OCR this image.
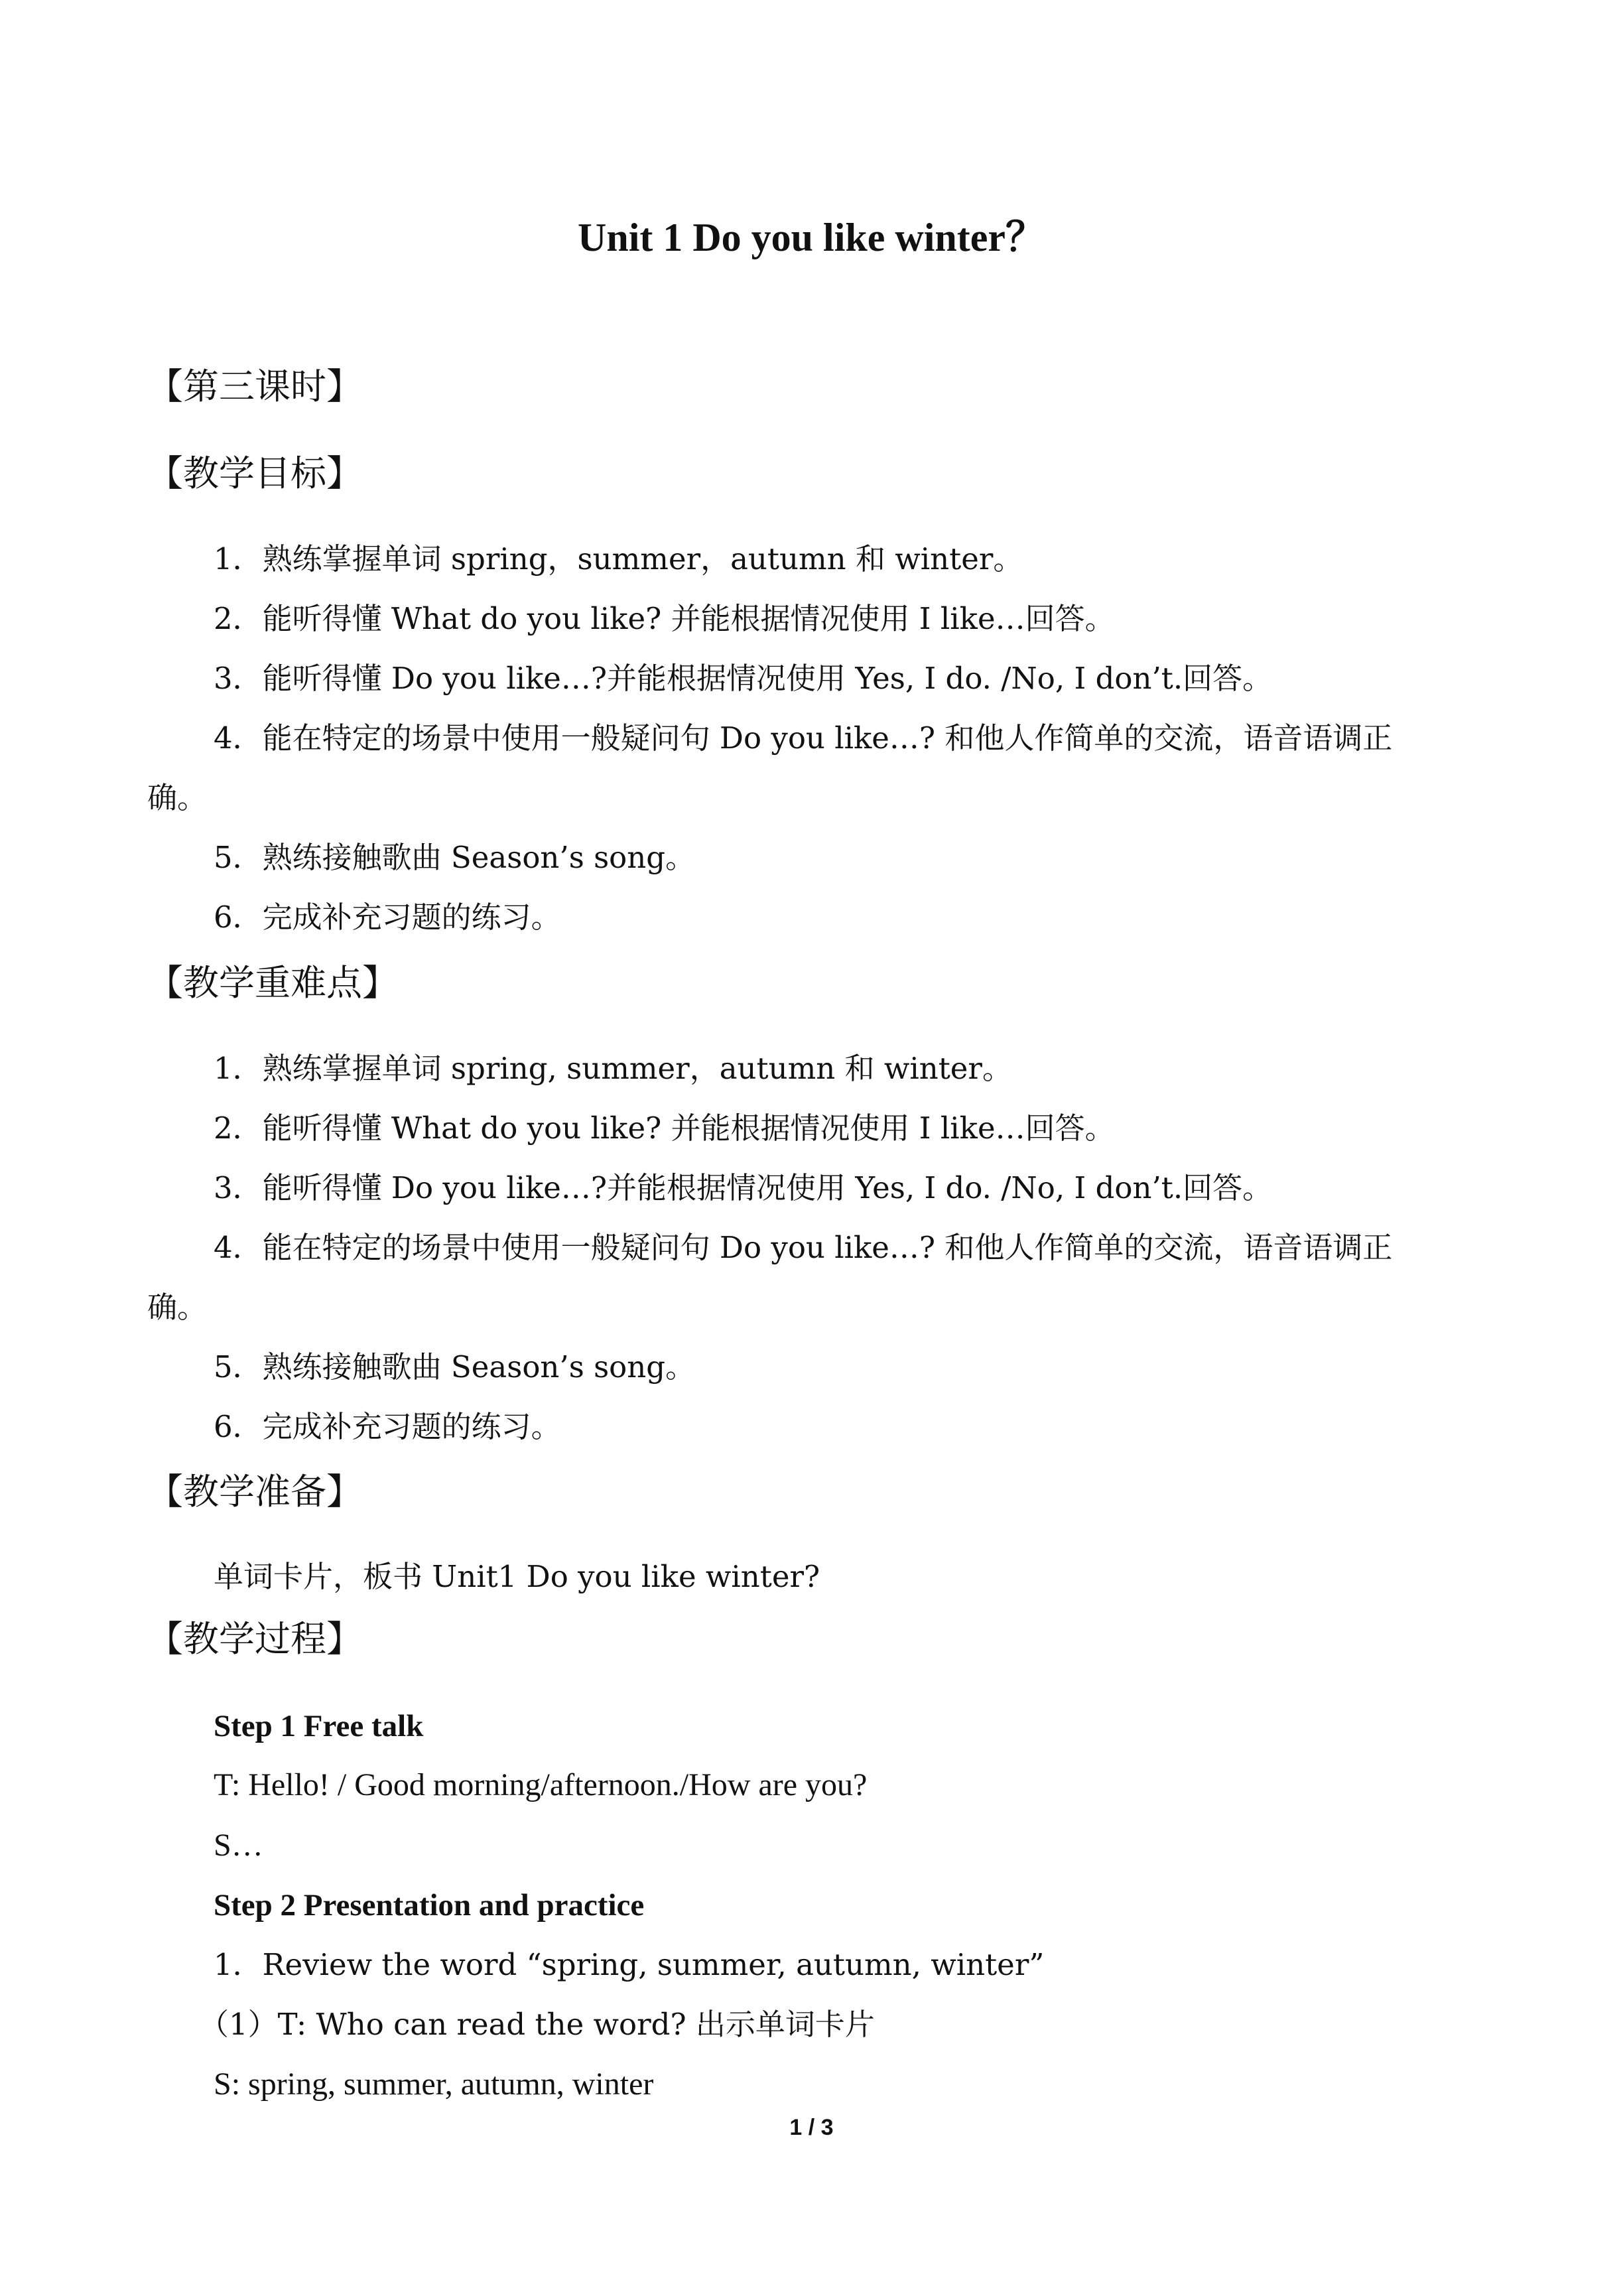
Unit 1 Do you like winter？
【第三课时】
【教学目标】

1．熟练掌握单词 spring，summer，autumn 和 winter。

2．能听得懂 What do you like? 并能根据情况使用 I like…回答。

3．能听得懂 Do you like…?并能根据情况使用 Yes, I do. /No, I don’t.回答。

4．能在特定的场景中使用一般疑问句 Do you like…? 和他人作简单的交流，语音语调正

确。

5．熟练接触歌曲 Season’s song。

6．完成补充习题的练习。

【教学重难点】

1．熟练掌握单词 spring, summer，autumn 和 winter。

2．能听得懂 What do you like? 并能根据情况使用 I like…回答。

3．能听得懂 Do you like…?并能根据情况使用 Yes, I do. /No, I don’t.回答。

4．能在特定的场景中使用一般疑问句 Do you like…? 和他人作简单的交流，语音语调正

确。

5．熟练接触歌曲 Season’s song。

6．完成补充习题的练习。

【教学准备】

单词卡片，板书 Unit1 Do you like winter?

【教学过程】

Step 1 Free talk

T: Hello! / Good morning/afternoon./How are you?

S…

Step 2 Presentation and practice

1．Review the word “spring, summer, autumn, winter”

（1）T: Who can read the word? 出示单词卡片

S: spring, summer, autumn, winter

1 / 3
